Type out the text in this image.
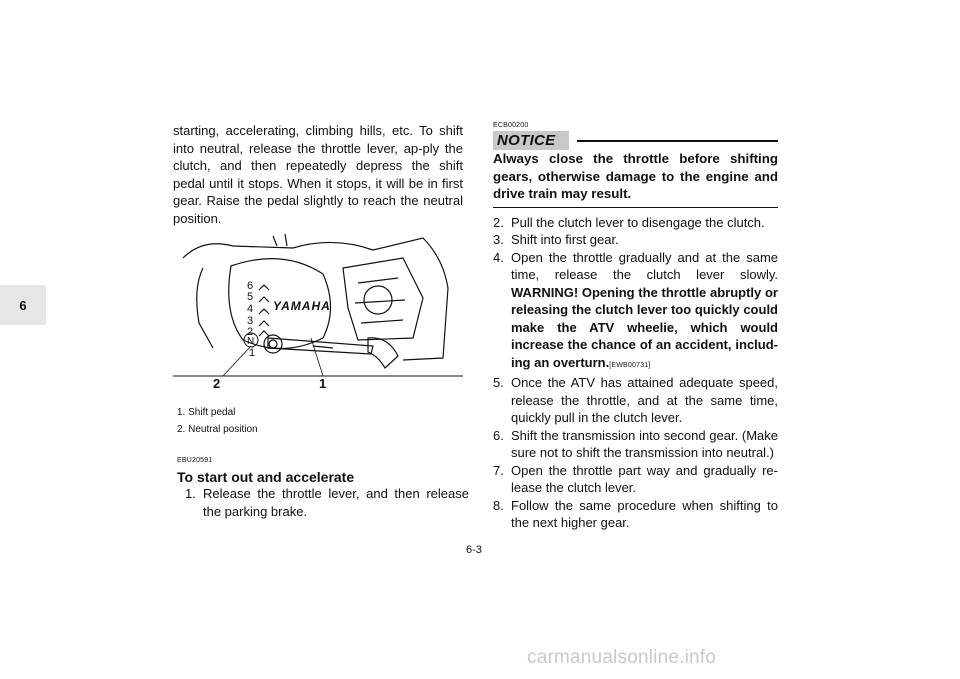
6

starting, accelerating, climbing hills, etc. To shift into neutral, release the throttle lever, ap-ply the clutch, and then repeatedly depress the shift pedal until it stops. When it stops, it will be in first gear. Raise the pedal slightly to reach the neutral position.

6
5
4
3
2
N
1
YAMAHA
2	1
1. Shift pedal
2. Neutral position
EBU20591

To start out and accelerate

1. Release the throttle lever, and then release the parking brake.
ECB00200
NOTICE
Always close the throttle before shifting gears, otherwise damage to the engine and drive train may result.
2. Pull the clutch lever to disengage the clutch.
3. Shift into first gear.
4. Open the throttle gradually and at the same time, release the clutch lever slowly. WARNING! Opening the throttle abruptly or releasing the clutch lever too quickly could make the ATV wheelie, which would increase the chance of an accident, includ-ing an overturn.[EWB00731]
5. Once the ATV has attained adequate speed, release the throttle, and at the same time, quickly pull in the clutch lever.
6. Shift the transmission into second gear. (Make sure not to shift the transmission into neutral.)
7. Open the throttle part way and gradually re-lease the clutch lever.
8. Follow the same procedure when shifting to the next higher gear.
6-3
carmanualsonline.info
